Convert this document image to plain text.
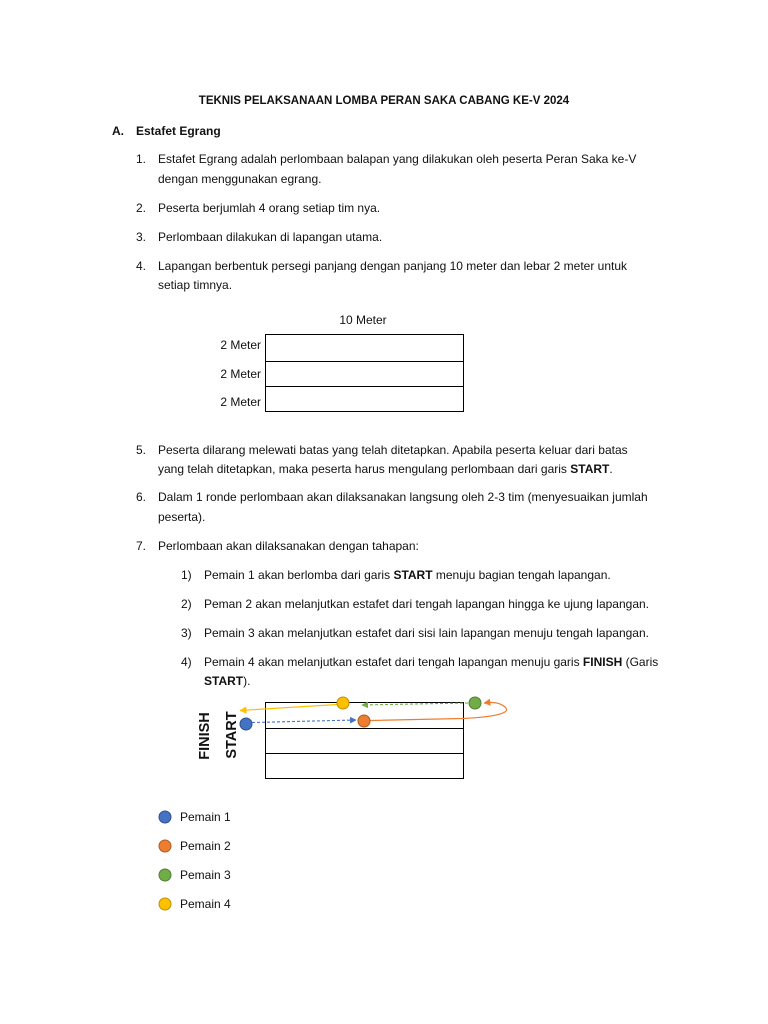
TEKNIS PELAKSANAAN LOMBA PERAN SAKA CABANG KE-V 2024
A. Estafet Egrang
1. Estafet Egrang adalah perlombaan balapan yang dilakukan oleh peserta Peran Saka ke-V
dengan menggunakan egrang.
2. Peserta berjumlah 4 orang setiap tim nya.
3. Perlombaan dilakukan di lapangan utama.
4. Lapangan berbentuk persegi panjang dengan panjang 10 meter dan lebar 2 meter untuk
setiap timnya.
10 Meter
2 Meter
2 Meter
2 Meter
5. Peserta dilarang melewati batas yang telah ditetapkan. Apabila peserta keluar dari batas
yang telah ditetapkan, maka peserta harus mengulang perlombaan dari garis START.
6. Dalam 1 ronde perlombaan akan dilaksanakan langsung oleh 2-3 tim (menyesuaikan jumlah
peserta).
7. Perlombaan akan dilaksanakan dengan tahapan:
1)	Pemain 1 akan berlomba dari garis START menuju bagian tengah lapangan.
2)	Peman 2 akan melanjutkan estafet dari tengah lapangan hingga ke ujung lapangan.
3)	Pemain 3 akan melanjutkan estafet dari sisi lain lapangan menuju tengah lapangan.
4)	Pemain 4 akan melanjutkan estafet dari tengah lapangan menuju garis FINISH (Garis
START).
FINISH START
Pemain 1
Pemain 2
Pemain 3
Pemain 4
